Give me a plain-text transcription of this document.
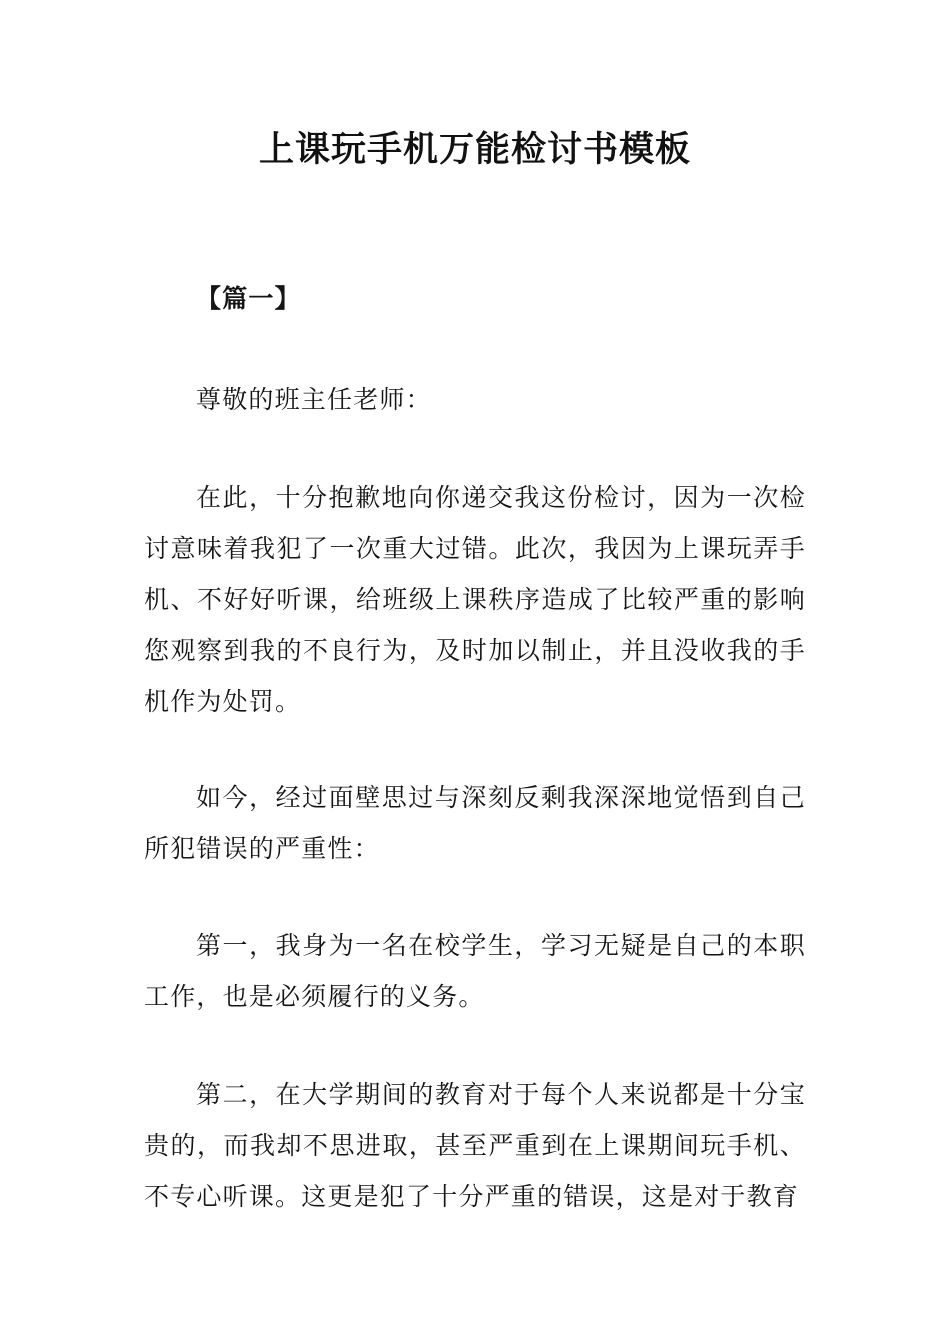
上课玩手机万能检讨书模板

【篇一】

尊敬的班主任老师：

在此，十分抱歉地向你递交我这份检讨，因为一次检讨意味着我犯了一次重大过错。此次，我因为上课玩弄手机、不好好听课，给班级上课秩序造成了比较严重的影响您观察到我的不良行为，及时加以制止，并且没收我的手机作为处罚。

如今，经过面壁思过与深刻反剩我深深地觉悟到自己所犯错误的严重性：

第一，我身为一名在校学生，学习无疑是自己的本职工作，也是必须履行的义务。

第二，在大学期间的教育对于每个人来说都是十分宝贵的，而我却不思进取，甚至严重到在上课期间玩手机、不专心听课。这更是犯了十分严重的错误，这是对于教育
